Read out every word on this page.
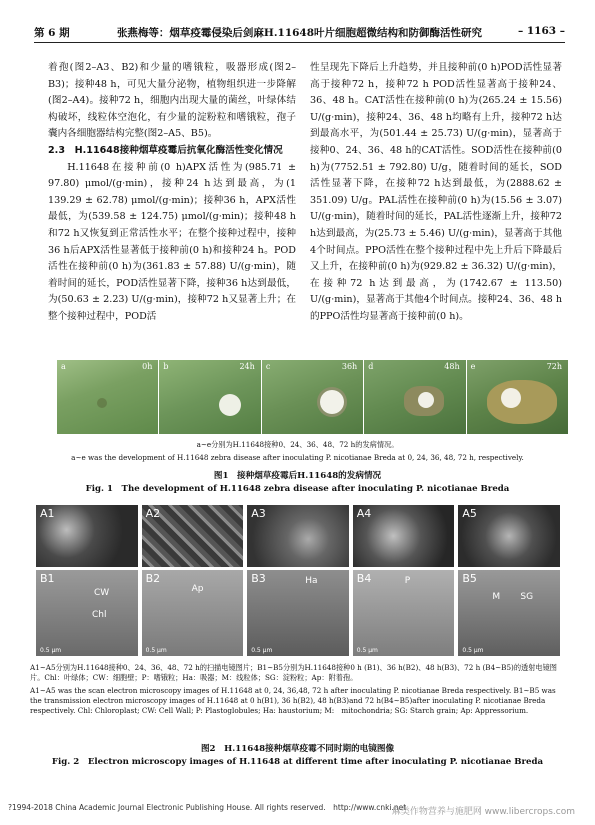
第 6 期	张燕梅等：烟草疫霉侵染后剑麻H.11648叶片细胞超微结构和防御酶活性研究	– 1163 –

着孢(图2–A3、B2)和少量的嗜锇粒，吸器形成(图2–B3)；接种48 h，可见大量分泌物，植物组织进一步降解(图2–A4)。接种72 h，细胞内出现大量的菌丝，叶绿体结构破坏，线粒体空泡化，有少量的淀粉粒和嗜锇粒，孢子囊内各细胞器结构完整(图2–A5、B5)。

2.3　H.11648接种烟草疫霉后抗氧化酶活性变化情况

H.11648在接种前(0 h)APX活性为(985.71 ± 97.80) μmol/(g·min)，接种24 h达到最高，为(1 139.29 ± 62.78) μmol/(g·min)；接种36 h，APX活性最低，为(539.58 ± 124.75) μmol/(g·min)；接种48 h和72 h又恢复到正常活性水平；在整个接种过程中，接种36 h后APX活性显著低于接种前(0 h)和接种24 h。POD活性在接种前(0 h)为(361.83 ± 57.88) U/(g·min)，随着时间的延长，POD活性显著下降，接种36 h达到最低，为(50.63 ± 2.23) U/(g·min)，接种72 h又显著上升；在整个接种过程中，POD活

性呈现先下降后上升趋势，并且接种前(0 h)POD活性显著高于接种72 h，接种72 h POD活性显著高于接种24、36、48 h。CAT活性在接种前(0 h)为(265.24 ± 15.56) U/(g·min)，接种24、36、48 h均略有上升，接种72 h达到最高水平，为(501.44 ± 25.73) U/(g·min)，显著高于接种0、24、36、48 h的CAT活性。SOD活性在接种前(0 h)为(7752.51 ± 792.80) U/g，随着时间的延长，SOD活性显著下降，在接种72 h达到最低，为(2888.62 ± 351.09) U/g。PAL活性在接种前(0 h)为(15.56 ± 3.07) U/(g·min)，随着时间的延长，PAL活性逐渐上升，接种72 h达到最高，为(25.73 ± 5.46) U/(g·min)，显著高于其他4个时间点。PPO活性在整个接种过程中先上升后下降最后又上升，在接种前(0 h)为(929.82 ± 36.32) U/(g·min)，在接种72 h达到最高，为(1742.67 ± 113.50) U/(g·min)，显著高于其他4个时间点。接种24、36、48 h的PPO活性均显著高于接种前(0 h)。

a	0h b	24h c	36h d	48h e	72h
a~e分别为H.11648接种0、24、36、48、72 h的发病情况。
a~e was the development of H.11648 zebra disease after inoculating P. nicotianae Breda at 0, 24, 36, 48, 72 h, respectively.
图1　接种烟草疫霉后H.11648的发病情况
Fig. 1　The development of H.11648 zebra disease after inoculating P. nicotianae Breda
A1	A2	A3	A4	A5
B1
CW
Chl
0.5 μm
B2
Ap
0.5 μm
B3	Ha
0.5 μm
B4	P
0.5 μm
B5
M SG
0.5 μm
A1~A5分别为H.11648接种0、24、36、48、72 h的扫描电镜图片；B1~B5分别为H.11648接种0 h (B1)、36 h(B2)、48 h(B3)、72 h (B4~B5)的透射电镜图片。Chl：叶绿体；CW：细胞壁；P：嗜锇粒；Ha：吸器；M：线粒体；SG：淀粉粒；Ap：附着孢。
A1~A5 was the scan electron microscopy images of H.11648 at 0, 24, 36,48, 72 h after inoculating P. nicotianae Breda respectively. B1~B5 was the transmission electron microscopy images of H.11648 at 0 h(B1), 36 h(B2), 48 h(B3)and 72 h(B4~B5)after inoculating P. nicotianae Breda respectively. Chl: Chloroplast; CW: Cell Wall; P: Plastoglobules; Ha: haustorium; M:　mitochondria; SG: Starch grain; Ap: Appressorium.
图2　H.11648接种烟草疫霉不同时期的电镜图像
Fig. 2　Electron microscopy images of H.11648 at different time after inoculating P. nicotianae Breda
?1994-2018 China Academic Journal Electronic Publishing House. All rights reserved.　http://www.cnki.net
麻类作物营养与施肥网 www.libercrops.com
